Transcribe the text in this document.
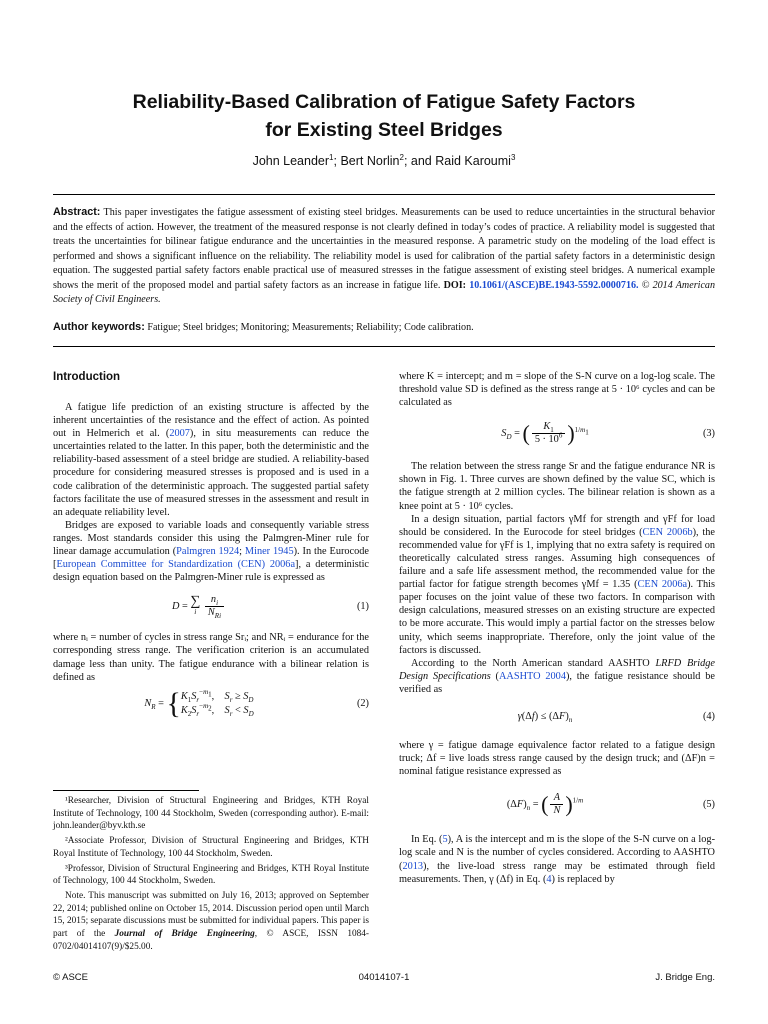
Reliability-Based Calibration of Fatigue Safety Factors
for Existing Steel Bridges
John Leander$^1$; Bert Norlin$^2$; and Raid Karoumi$^3$
Abstract: This paper investigates the fatigue assessment of existing steel bridges. Measurements can be used to reduce uncertainties in the structural behavior and the effects of action. However, the treatment of the measured response is not clearly defined in today’s codes of practice. A reliability model is suggested that treats the uncertainties for bilinear fatigue endurance and the uncertainties in the measured response. A parametric study on the modeling of the load effect is performed and shows a significant influence on the reliability. The reliability model is used for calibration of the partial safety factors in a deterministic design equation. The suggested partial safety factors enable practical use of measured stresses in the fatigue assessment of existing steel bridges. A numerical example shows the merit of the proposed model and partial safety factors as an increase in fatigue life. DOI: 10.1061/(ASCE)BE.1943-5592.0000716. © 2014 American Society of Civil Engineers.
Author keywords: Fatigue; Steel bridges; Monitoring; Measurements; Reliability; Code calibration.
Introduction

A fatigue life prediction of an existing structure is affected by the inherent uncertainties of the resistance and the effect of action. As pointed out in Helmerich et al. (2007), in situ measurements can reduce the uncertainties related to the latter. In this paper, both the deterministic and the reliability-based assessment of a steel bridge are studied. A reliability-based procedure for considering measured stresses is proposed and is used in a code calibration of the deterministic approach. The suggested partial safety factors facilitate the use of measured stresses in the assessment and result in an adequate reliability level.

Bridges are exposed to variable loads and consequently variable stress ranges. Most standards consider this using the Palmgren-Miner rule for linear damage accumulation (Palmgren 1924; Miner 1945). In the Eurocode [European Committee for Standardization (CEN) 2006a], a deterministic design equation based on the Palmgren-Miner rule is expressed as

D = ∑
i
$\frac{n_i}{N_{Ri}}$	(1)

where nᵢ = number of cycles in stress range Srᵢ; and NRᵢ = endurance for the corresponding stress range. The verification criterion is an accumulated damage less than unity. The fatigue endurance with a bilinear relation is defined as

$N_R$ = { $K_1S_r^{-m_1}$,    $S_r \ge S_D$
$K_2S_r^{-m_2}$,    $S_r < S_D$
(2)

¹Researcher, Division of Structural Engineering and Bridges, KTH Royal Institute of Technology, 100 44 Stockholm, Sweden (corresponding author). E-mail: john.leander@byv.kth.se

²Associate Professor, Division of Structural Engineering and Bridges, KTH Royal Institute of Technology, 100 44 Stockholm, Sweden.

³Professor, Division of Structural Engineering and Bridges, KTH Royal Institute of Technology, 100 44 Stockholm, Sweden.

Note. This manuscript was submitted on July 16, 2013; approved on September 22, 2014; published online on October 15, 2014. Discussion period open until March 15, 2015; separate discussions must be submitted for individual papers. This paper is part of the Journal of Bridge Engineering, © ASCE, ISSN 1084-0702/04014107(9)/$25.00.

where K = intercept; and m = slope of the S-N curve on a log-log scale. The threshold value SD is defined as the stress range at 5 · 10⁶ cycles and can be calculated as

$S_D$ = ( $\frac{K_1}{5 \cdot 10^6} )^{1/m_1}$	(3)

The relation between the stress range Sr and the fatigue endurance NR is shown in Fig. 1. Three curves are shown defined by the value SC, which is the fatigue strength at 2 million cycles. The bilinear relation is shown as a knee point at 5 · 10⁶ cycles.

In a design situation, partial factors γMf for strength and γFf for load should be considered. In the Eurocode for steel bridges (CEN 2006b), the recommended value for γFf is 1, implying that no extra safety is required on theoretically calculated stress ranges. Assuming high consequences of failure and a safe life assessment method, the recommended value for the partial factor for fatigue strength becomes γMf = 1.35 (CEN 2006a). This paper focuses on the joint value of these two factors. In comparison with design calculations, measured stresses on an existing structure are expected to be more accurate. This would imply a partial factor on the stresses below unity, which seems inappropriate. Therefore, only the joint value of the factors is discussed.

According to the North American standard AASHTO LRFD Bridge Design Specifications (AASHTO 2004), the fatigue resistance should be verified as

$\gamma(\Delta f) \le (\Delta F)_n$	(4)

where γ = fatigue damage equivalence factor related to a fatigue design truck; Δf = live loads stress range caused by the design truck; and (ΔF)n = nominal fatigue resistance expressed as

$(\Delta F)_n$ = ( $\frac{A}{N} )^{1/m}$	(5)

In Eq. (5), A is the intercept and m is the slope of the S-N curve on a log-log scale and N is the number of cycles considered. According to AASHTO (2013), the live-load stress range may be estimated through field measurements. Then, γ (Δf) in Eq. (4) is replaced by

© ASCE	04014107-1	J. Bridge Eng.
